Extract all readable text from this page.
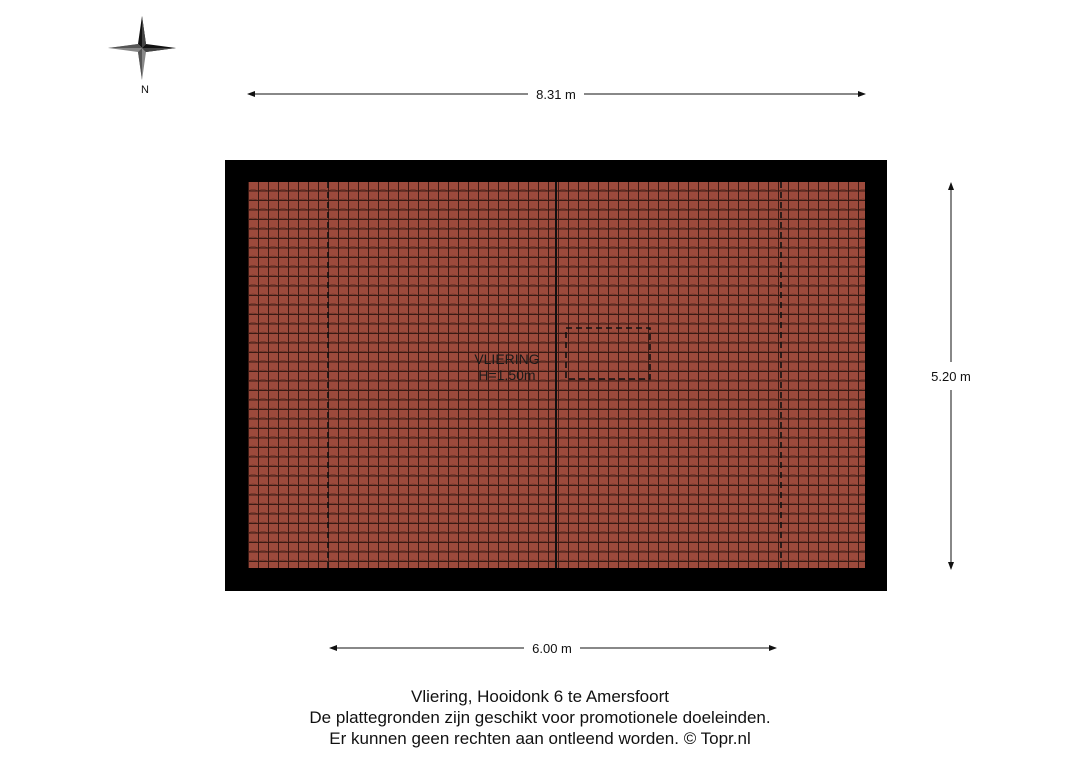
N	8.31 m
VLIERING
H=1.50m	5.20 m
6.00 m
Vliering, Hooidonk 6 te Amersfoort
De plattegronden zijn geschikt voor promotionele doeleinden.
Er kunnen geen rechten aan ontleend worden. © Topr.nl
